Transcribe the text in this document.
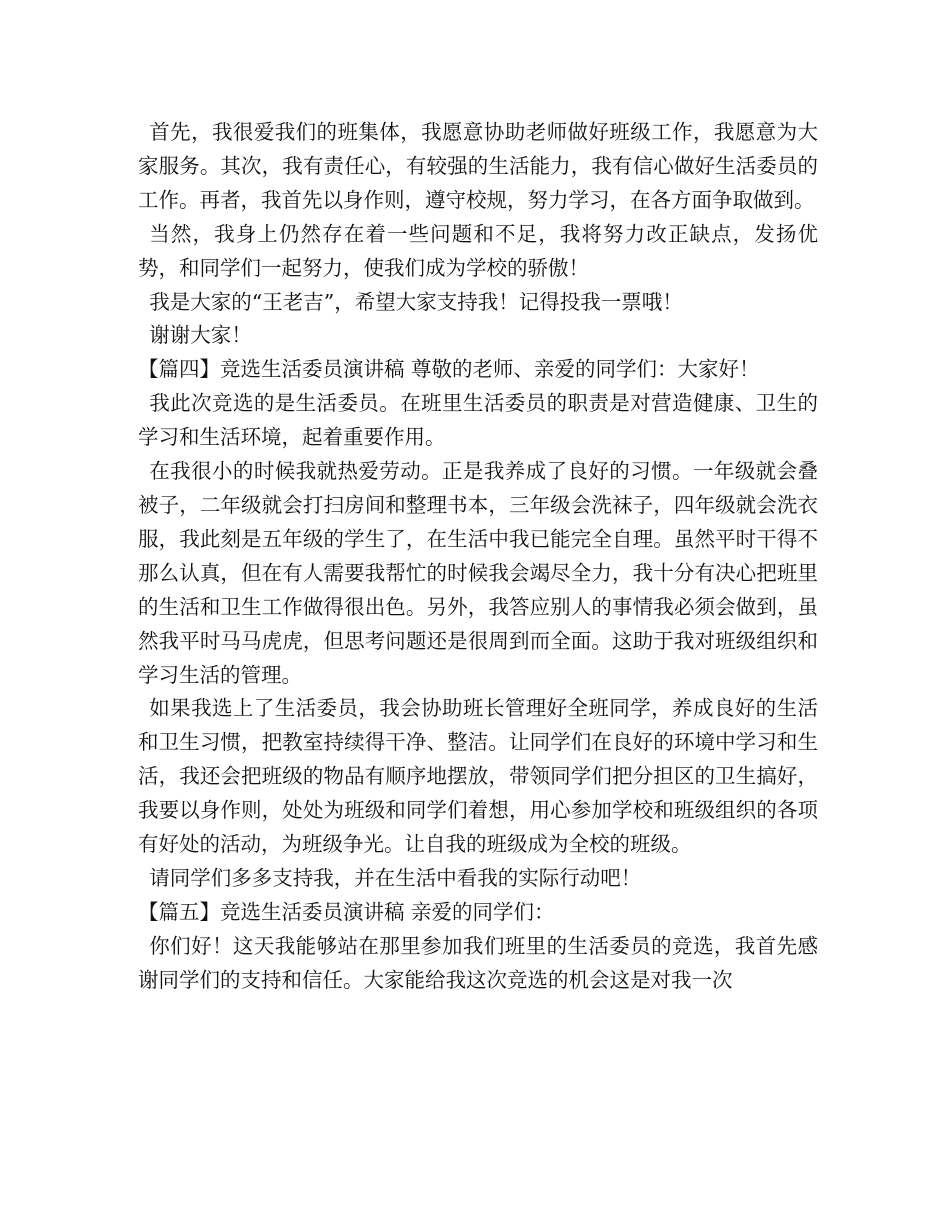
首先，我很爱我们的班集体，我愿意协助老师做好班级工作，我愿意为大家服务。其次，我有责任心，有较强的生活能力，我有信心做好生活委员的工作。再者，我首先以身作则，遵守校规，努力学习，在各方面争取做到。

当然，我身上仍然存在着一些问题和不足，我将努力改正缺点，发扬优势，和同学们一起努力，使我们成为学校的骄傲！

我是大家的“王老吉”，希望大家支持我！记得投我一票哦！

谢谢大家！

【篇四】竞选生活委员演讲稿 尊敬的老师、亲爱的同学们：大家好！

我此次竞选的是生活委员。在班里生活委员的职责是对营造健康、卫生的学习和生活环境，起着重要作用。

在我很小的时候我就热爱劳动。正是我养成了良好的习惯。一年级就会叠被子，二年级就会打扫房间和整理书本，三年级会洗袜子，四年级就会洗衣服，我此刻是五年级的学生了，在生活中我已能完全自理。虽然平时干得不那么认真，但在有人需要我帮忙的时候我会竭尽全力，我十分有决心把班里的生活和卫生工作做得很出色。另外，我答应别人的事情我必须会做到，虽然我平时马马虎虎，但思考问题还是很周到而全面。这助于我对班级组织和学习生活的管理。

如果我选上了生活委员，我会协助班长管理好全班同学，养成良好的生活和卫生习惯，把教室持续得干净、整洁。让同学们在良好的环境中学习和生活，我还会把班级的物品有顺序地摆放，带领同学们把分担区的卫生搞好，我要以身作则，处处为班级和同学们着想，用心参加学校和班级组织的各项有好处的活动，为班级争光。让自我的班级成为全校的班级。

请同学们多多支持我，并在生活中看我的实际行动吧！

【篇五】竞选生活委员演讲稿 亲爱的同学们：

你们好！这天我能够站在那里参加我们班里的生活委员的竞选，我首先感谢同学们的支持和信任。大家能给我这次竞选的机会这是对我一次
